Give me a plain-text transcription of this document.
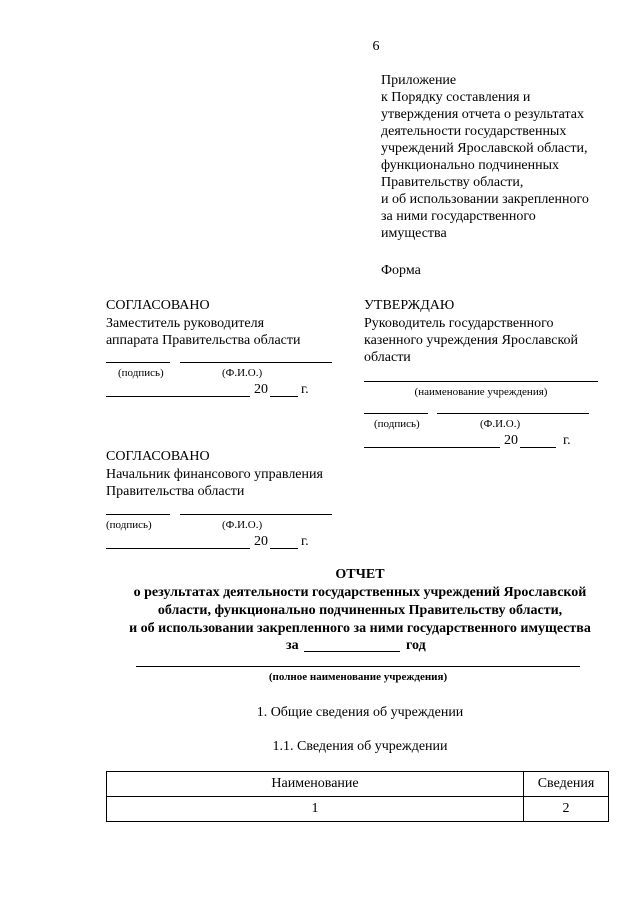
6
Приложение
к Порядку составления и
утверждения отчета о результатах
деятельности государственных
учреждений Ярославской области,
функционально подчиненных
Правительству области,
и об использовании закрепленного
за ними государственного
имущества
Форма
СОГЛАСОВАНО
Заместитель руководителя
аппарата Правительства области
(подпись)	(Ф.И.О.)
20 г.
УТВЕРЖДАЮ
Руководитель государственного
казенного учреждения Ярославской
области
(наименование учреждения)
(подпись)	(Ф.И.О.)
20	г.
СОГЛАСОВАНО
Начальник финансового управления
Правительства области
(подпись)	(Ф.И.О.)
20 г.
ОТЧЕТ
о результатах деятельности государственных учреждений Ярославской
области, функционально подчиненных Правительству области,
и об использовании закрепленного за ними государственного имущества
за	год
(полное наименование учреждения)
1. Общие сведения об учреждении
1.1. Сведения об учреждении
Наименование	Сведения
1	2
